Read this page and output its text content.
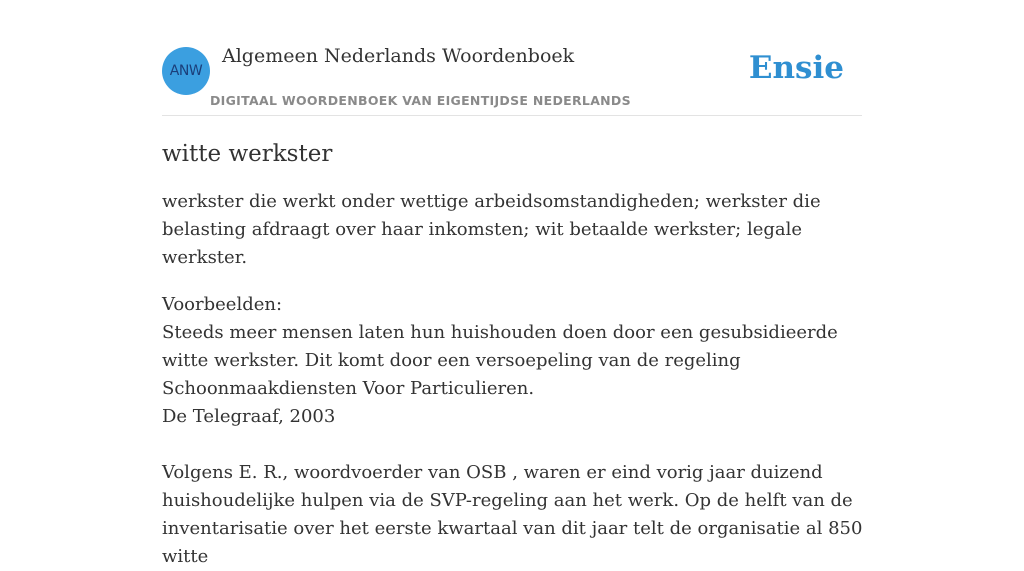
ANW
Algemeen Nederlands Woordenboek
DIGITAAL WOORDENBOEK VAN EIGENTIJDSE NEDERLANDS
Ensie
witte werkster

werkster die werkt onder wettige arbeidsomstandigheden; werkster die belasting afdraagt over haar inkomsten; wit betaalde werkster; legale werkster.

Voorbeelden:
Steeds meer mensen laten hun huishouden doen door een gesubsidieerde witte werkster. Dit komt door een versoepeling van de regeling Schoonmaakdiensten Voor Particulieren.
De Telegraaf, 2003
Volgens E. R., woordvoerder van OSB , waren er eind vorig jaar duizend huishoudelijke hulpen via de SVP-regeling aan het werk. Op de helft van de inventarisatie over het eerste kwartaal van dit jaar telt de organisatie al 850 witte
